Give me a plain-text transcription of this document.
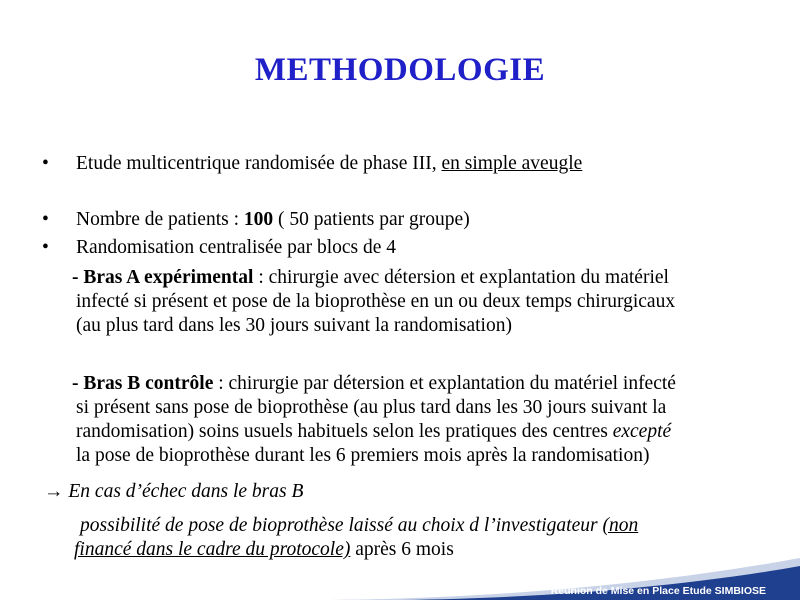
METHODOLOGIE
• Etude multicentrique randomisée de phase III, en simple aveugle
• Nombre de patients : 100 ( 50 patients par groupe)
• Randomisation centralisée par blocs de 4
- Bras A expérimental : chirurgie avec détersion et explantation du matériel
infecté si présent et pose de la bioprothèse en un ou deux temps chirurgicaux
(au plus tard dans les 30 jours suivant la randomisation)
- Bras B contrôle : chirurgie par détersion et explantation du matériel infecté
si présent sans pose de bioprothèse (au plus tard dans les 30 jours suivant la
randomisation) soins usuels habituels selon les pratiques des centres excepté
la pose de bioprothèse durant les 6 premiers mois après la randomisation)
→ En cas d’échec dans le bras B
possibilité de pose de bioprothèse laissé au choix d l’investigateur (non
financé dans le cadre du protocole) après 6 mois
Réunion de Mise en Place Etude SIMBIOSE
